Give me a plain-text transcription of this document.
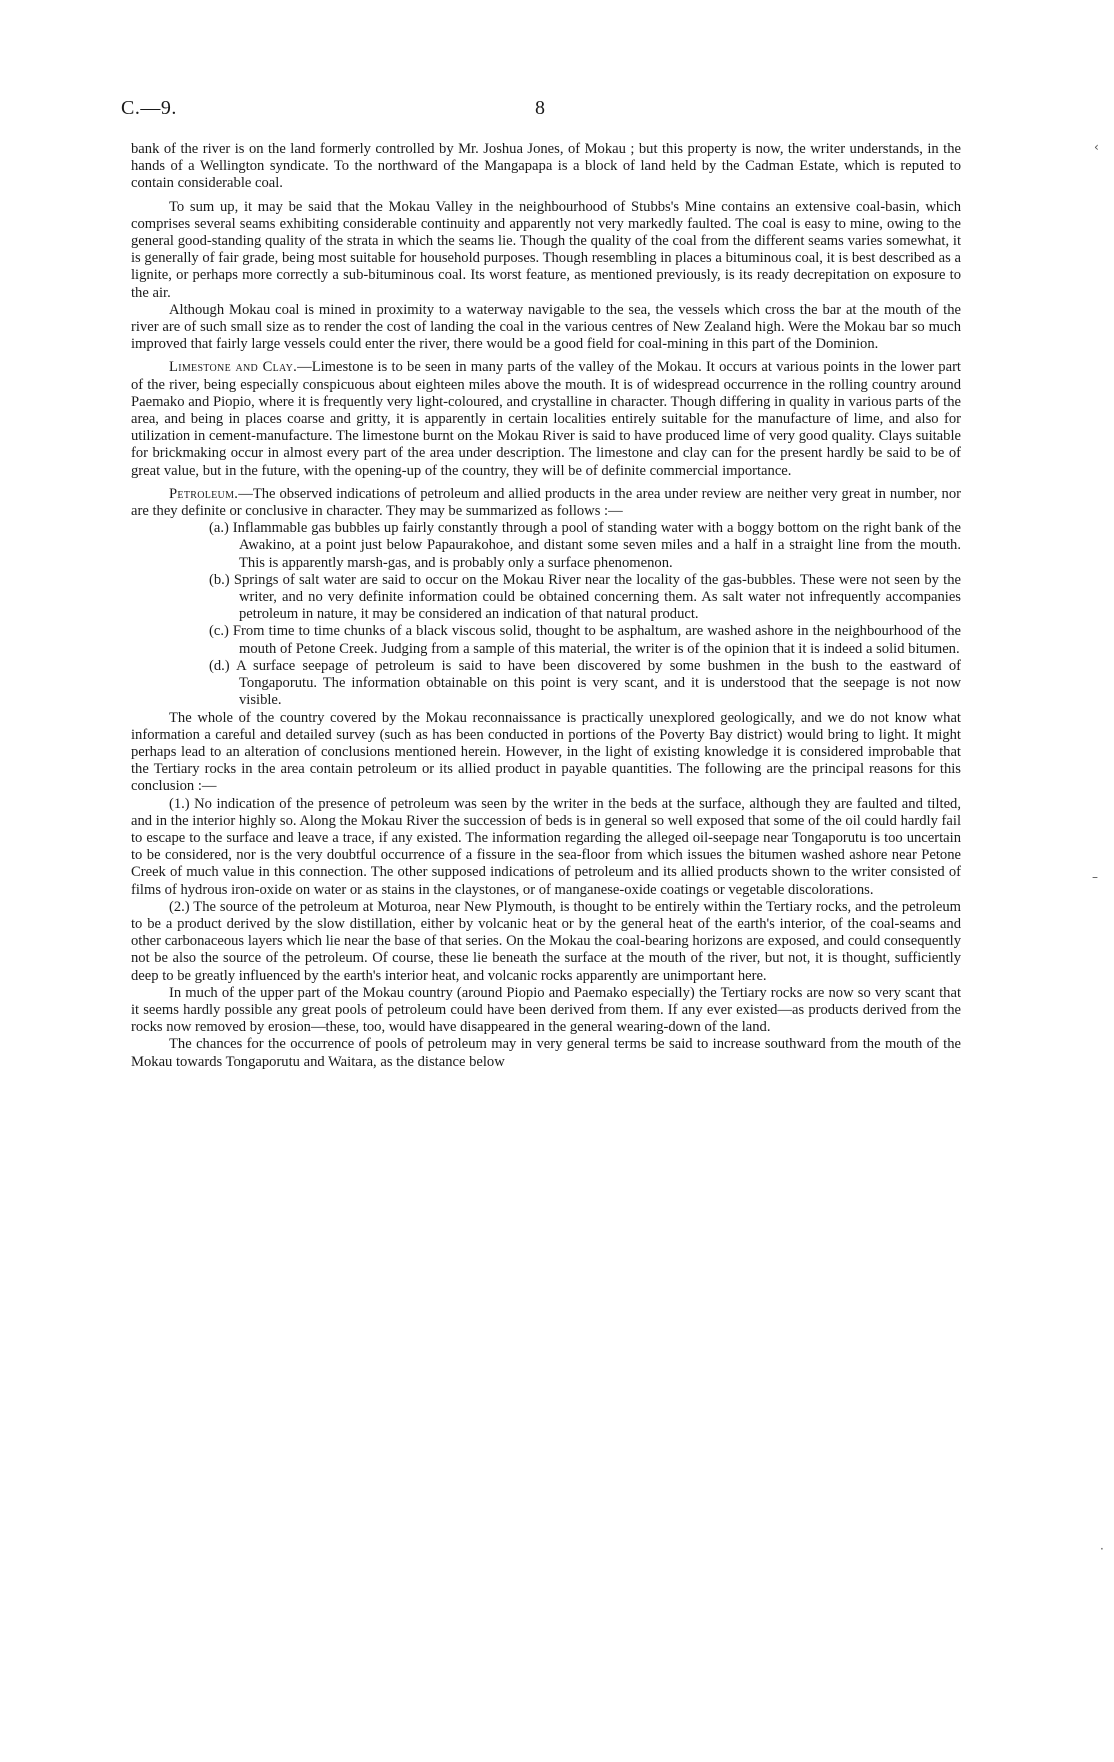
C.—9.	8

bank of the river is on the land formerly controlled by Mr. Joshua Jones, of Mokau ; but this property is now, the writer understands, in the hands of a Wellington syndicate. To the northward of the Mangapapa is a block of land held by the Cadman Estate, which is reputed to contain considerable coal.

To sum up, it may be said that the Mokau Valley in the neighbourhood of Stubbs's Mine contains an extensive coal-basin, which comprises several seams exhibiting considerable continuity and apparently not very markedly faulted. The coal is easy to mine, owing to the general good-standing quality of the strata in which the seams lie. Though the quality of the coal from the different seams varies somewhat, it is generally of fair grade, being most suitable for household purposes. Though resembling in places a bituminous coal, it is best described as a lignite, or perhaps more correctly a sub-bituminous coal. Its worst feature, as mentioned previously, is its ready decrepitation on exposure to the air.

Although Mokau coal is mined in proximity to a waterway navigable to the sea, the vessels which cross the bar at the mouth of the river are of such small size as to render the cost of landing the coal in the various centres of New Zealand high. Were the Mokau bar so much improved that fairly large vessels could enter the river, there would be a good field for coal-mining in this part of the Dominion.

Limestone and Clay.—Limestone is to be seen in many parts of the valley of the Mokau. It occurs at various points in the lower part of the river, being especially conspicuous about eighteen miles above the mouth. It is of widespread occurrence in the rolling country around Paemako and Piopio, where it is frequently very light-coloured, and crystalline in character. Though differing in quality in various parts of the area, and being in places coarse and gritty, it is apparently in certain localities entirely suitable for the manufacture of lime, and also for utilization in cement-manufacture. The limestone burnt on the Mokau River is said to have produced lime of very good quality. Clays suitable for brickmaking occur in almost every part of the area under description. The limestone and clay can for the present hardly be said to be of great value, but in the future, with the opening-up of the country, they will be of definite commercial importance.

Petroleum.—The observed indications of petroleum and allied products in the area under review are neither very great in number, nor are they definite or conclusive in character. They may be summarized as follows :—

(a.) Inflammable gas bubbles up fairly constantly through a pool of standing water with a boggy bottom on the right bank of the Awakino, at a point just below Papaurakohoe, and distant some seven miles and a half in a straight line from the mouth. This is apparently marsh-gas, and is probably only a surface phenomenon.
(b.) Springs of salt water are said to occur on the Mokau River near the locality of the gas-bubbles. These were not seen by the writer, and no very definite information could be obtained concerning them. As salt water not infrequently accompanies petroleum in nature, it may be considered an indication of that natural product.
(c.) From time to time chunks of a black viscous solid, thought to be asphaltum, are washed ashore in the neighbourhood of the mouth of Petone Creek. Judging from a sample of this material, the writer is of the opinion that it is indeed a solid bitumen.
(d.) A surface seepage of petroleum is said to have been discovered by some bushmen in the bush to the eastward of Tongaporutu. The information obtainable on this point is very scant, and it is understood that the seepage is not now visible.

The whole of the country covered by the Mokau reconnaissance is practically unexplored geologically, and we do not know what information a careful and detailed survey (such as has been conducted in portions of the Poverty Bay district) would bring to light. It might perhaps lead to an alteration of conclusions mentioned herein. However, in the light of existing knowledge it is considered improbable that the Tertiary rocks in the area contain petroleum or its allied product in payable quantities. The following are the principal reasons for this conclusion :—

(1.) No indication of the presence of petroleum was seen by the writer in the beds at the surface, although they are faulted and tilted, and in the interior highly so. Along the Mokau River the succession of beds is in general so well exposed that some of the oil could hardly fail to escape to the surface and leave a trace, if any existed. The information regarding the alleged oil-seepage near Tongaporutu is too uncertain to be considered, nor is the very doubtful occurrence of a fissure in the sea-floor from which issues the bitumen washed ashore near Petone Creek of much value in this connection. The other supposed indications of petroleum and its allied products shown to the writer consisted of films of hydrous iron-oxide on water or as stains in the claystones, or of manganese-oxide coatings or vegetable discolorations.

(2.) The source of the petroleum at Moturoa, near New Plymouth, is thought to be entirely within the Tertiary rocks, and the petroleum to be a product derived by the slow distillation, either by volcanic heat or by the general heat of the earth's interior, of the coal-seams and other carbonaceous layers which lie near the base of that series. On the Mokau the coal-bearing horizons are exposed, and could consequently not be also the source of the petroleum. Of course, these lie beneath the surface at the mouth of the river, but not, it is thought, sufficiently deep to be greatly influenced by the earth's interior heat, and volcanic rocks apparently are unimportant here.

In much of the upper part of the Mokau country (around Piopio and Paemako especially) the Tertiary rocks are now so very scant that it seems hardly possible any great pools of petroleum could have been derived from them. If any ever existed—as products derived from the rocks now removed by erosion—these, too, would have disappeared in the general wearing-down of the land.

The chances for the occurrence of pools of petroleum may in very general terms be said to increase southward from the mouth of the Mokau towards Tongaporutu and Waitara, as the distance below

‹
–
·
